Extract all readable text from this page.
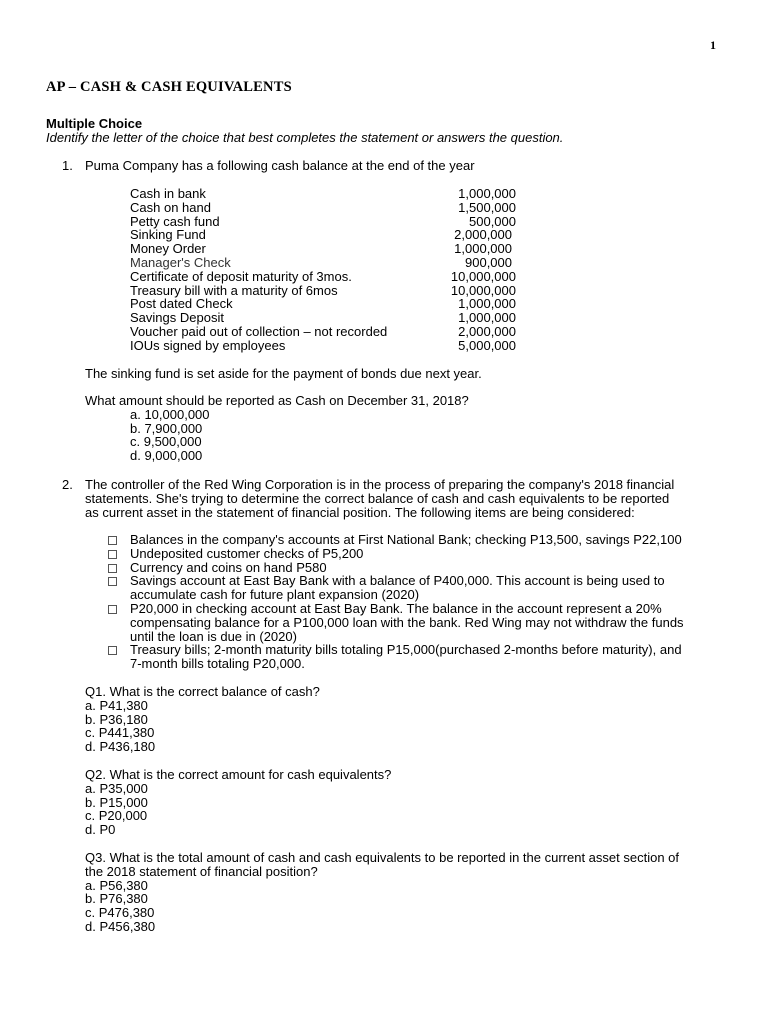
1
AP – CASH & CASH EQUIVALENTS
Multiple Choice
Identify the letter of the choice that best completes the statement or answers the question.
1. Puma Company has a following cash balance at the end of the year
Cash in bank	1,000,000
Cash on hand	1,500,000
Petty cash fund	500,000
Sinking Fund	2,000,000
Money Order	1,000,000
Manager's Check	900,000
Certificate of deposit maturity of 3mos.	10,000,000
Treasury bill with a maturity of 6mos	10,000,000
Post dated Check	1,000,000
Savings Deposit	1,000,000
Voucher paid out of collection – not recorded	2,000,000
IOUs signed by employees	5,000,000
The sinking fund is set aside for the payment of bonds due next year.
What amount should be reported as Cash on December 31, 2018?
a. 10,000,000
b. 7,900,000
c. 9,500,000
d. 9,000,000
2. The controller of the Red Wing Corporation is in the process of preparing the company's 2018 financial
statements. She's trying to determine the correct balance of cash and cash equivalents to be reported
as current asset in the statement of financial position. The following items are being considered:
Balances in the company's accounts at First National Bank; checking P13,500, savings P22,100
Undeposited customer checks of P5,200
Currency and coins on hand P580
Savings account at East Bay Bank with a balance of P400,000. This account is being used to
accumulate cash for future plant expansion (2020)
P20,000 in checking account at East Bay Bank. The balance in the account represent a 20%
compensating balance for a P100,000 loan with the bank. Red Wing may not withdraw the funds
until the loan is due in (2020)
Treasury bills; 2-month maturity bills totaling P15,000(purchased 2-months before maturity), and
7-month bills totaling P20,000.
Q1. What is the correct balance of cash?
a. P41,380
b. P36,180
c. P441,380
d. P436,180
Q2. What is the correct amount for cash equivalents?
a. P35,000
b. P15,000
c. P20,000
d. P0
Q3. What is the total amount of cash and cash equivalents to be reported in the current asset section of
the 2018 statement of financial position?
a. P56,380
b. P76,380
c. P476,380
d. P456,380
